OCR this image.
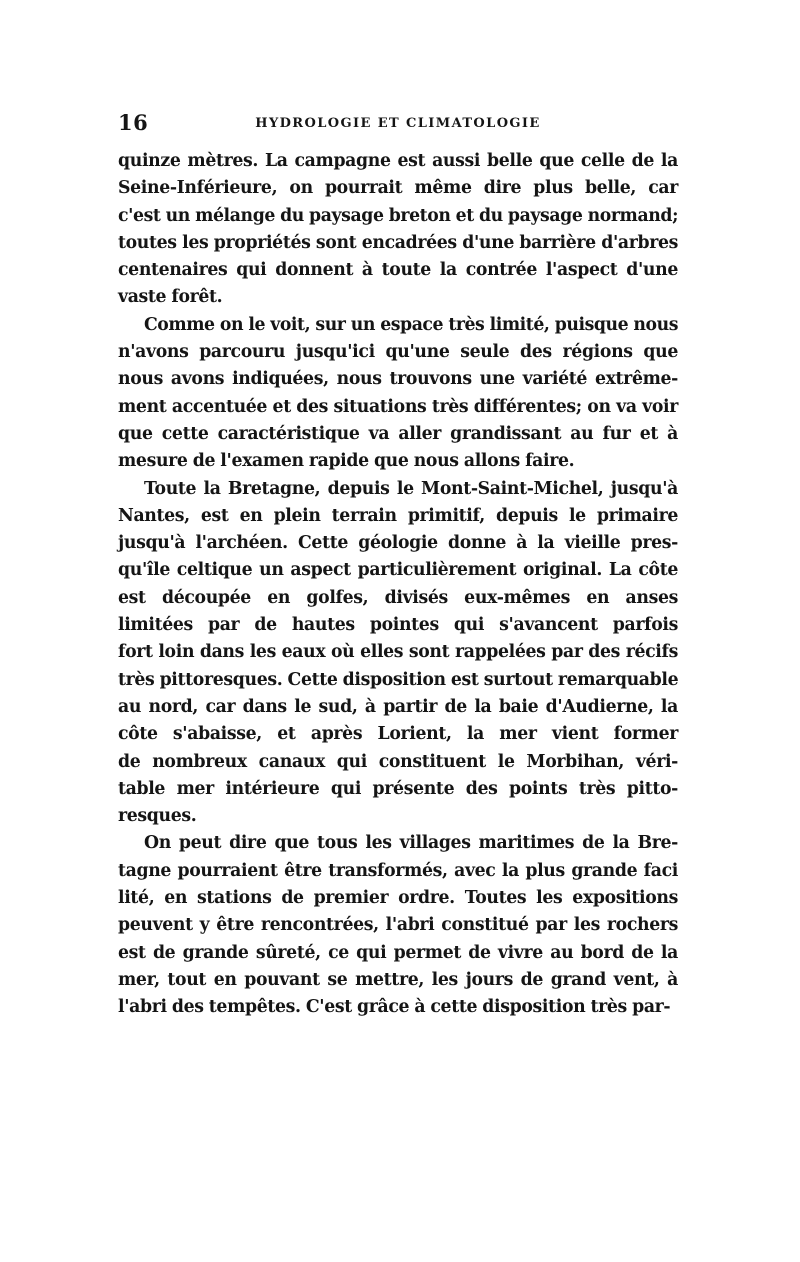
16	HYDROLOGIE ET CLIMATOLOGIE
quinze mètres. La campagne est aussi belle que celle de la
Seine-Inférieure, on pourrait même dire plus belle, car
c'est un mélange du paysage breton et du paysage normand;
toutes les propriétés sont encadrées d'une barrière d'arbres
centenaires qui donnent à toute la contrée l'aspect d'une
vaste forêt.
Comme on le voit, sur un espace très limité, puisque nous
n'avons parcouru jusqu'ici qu'une seule des régions que
nous avons indiquées, nous trouvons une variété extrême-
ment accentuée et des situations très différentes; on va voir
que cette caractéristique va aller grandissant au fur et à
mesure de l'examen rapide que nous allons faire.
Toute la Bretagne, depuis le Mont-Saint-Michel, jusqu'à
Nantes, est en plein terrain primitif, depuis le primaire
jusqu'à l'archéen. Cette géologie donne à la vieille pres-
qu'île celtique un aspect particulièrement original. La côte
est découpée en golfes, divisés eux-mêmes en anses
limitées par de hautes pointes qui s'avancent parfois
fort loin dans les eaux où elles sont rappelées par des récifs
très pittoresques. Cette disposition est surtout remarquable
au nord, car dans le sud, à partir de la baie d'Audierne, la
côte s'abaisse, et après Lorient, la mer vient former
de nombreux canaux qui constituent le Morbihan, véri-
table mer intérieure qui présente des points très pitto-
resques.
On peut dire que tous les villages maritimes de la Bre-
tagne pourraient être transformés, avec la plus grande faci
lité, en stations de premier ordre. Toutes les expositions
peuvent y être rencontrées, l'abri constitué par les rochers
est de grande sûreté, ce qui permet de vivre au bord de la
mer, tout en pouvant se mettre, les jours de grand vent, à
l'abri des tempêtes. C'est grâce à cette disposition très par-
